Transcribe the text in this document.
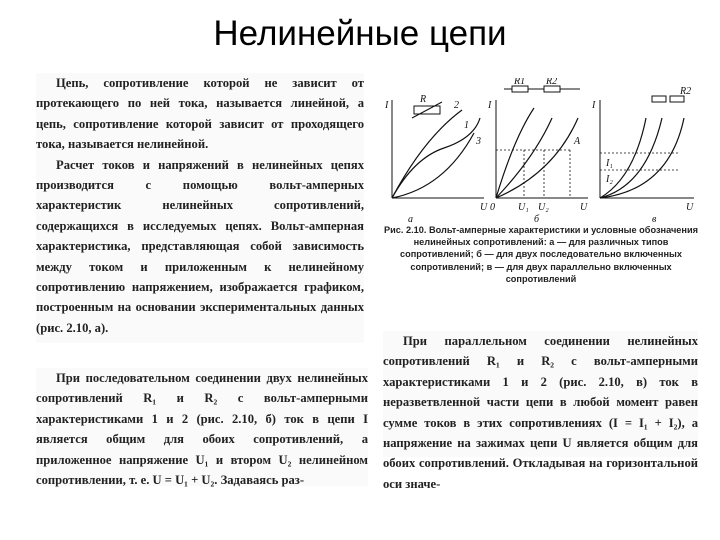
Нелинейные цепи

Цепь, сопротивление которой не зависит от протекающего по ней тока, называется линейной, а цепь, сопротивление которой зависит от проходящего тока, называется нелинейной.

Расчет токов и напряжений в нелинейных цепях производится с помощью вольт-амперных характеристик нелинейных сопротивлений, содержащихся в исследуемых цепях. Вольт-амперная характеристика, представляющая собой зависимость между током и приложенным к нелинейному сопротивлению напряжением, изображается графиком, построенным на основании экспериментальных данных (рис. 2.10, а).

R
I
U
1
2
3
а
R1 R2
I
A
U
U₁ U₂
0
б
I
I₁
I₂
U
R2
в
Рис. 2.10. Вольт-амперные характеристики и условные обозначения нелинейных сопротивлений: а — для различных типов сопротивлений; б — для двух последовательно включенных сопротивлений; в — для двух параллельно включенных сопротивлений

При последовательном соединении двух нелинейных сопротивлений R₁ и R₂ с вольт-амперными характеристиками 1 и 2 (рис. 2.10, б) ток в цепи I является общим для обоих сопротивлений, а приложенное напряжение U₁ и втором U₂ нелинейном сопротивлении, т. е. U = U₁ + U₂. Задаваясь раз-

При параллельном соединении нелинейных сопротивлений R₁ и R₂ с вольт-амперными характеристиками 1 и 2 (рис. 2.10, в) ток в неразветвленной части цепи в любой момент равен сумме токов в этих сопротивлениях (I = I₁ + I₂), а напряжение на зажимах цепи U является общим для обоих сопротивлений. Откладывая на горизонтальной оси значе-
